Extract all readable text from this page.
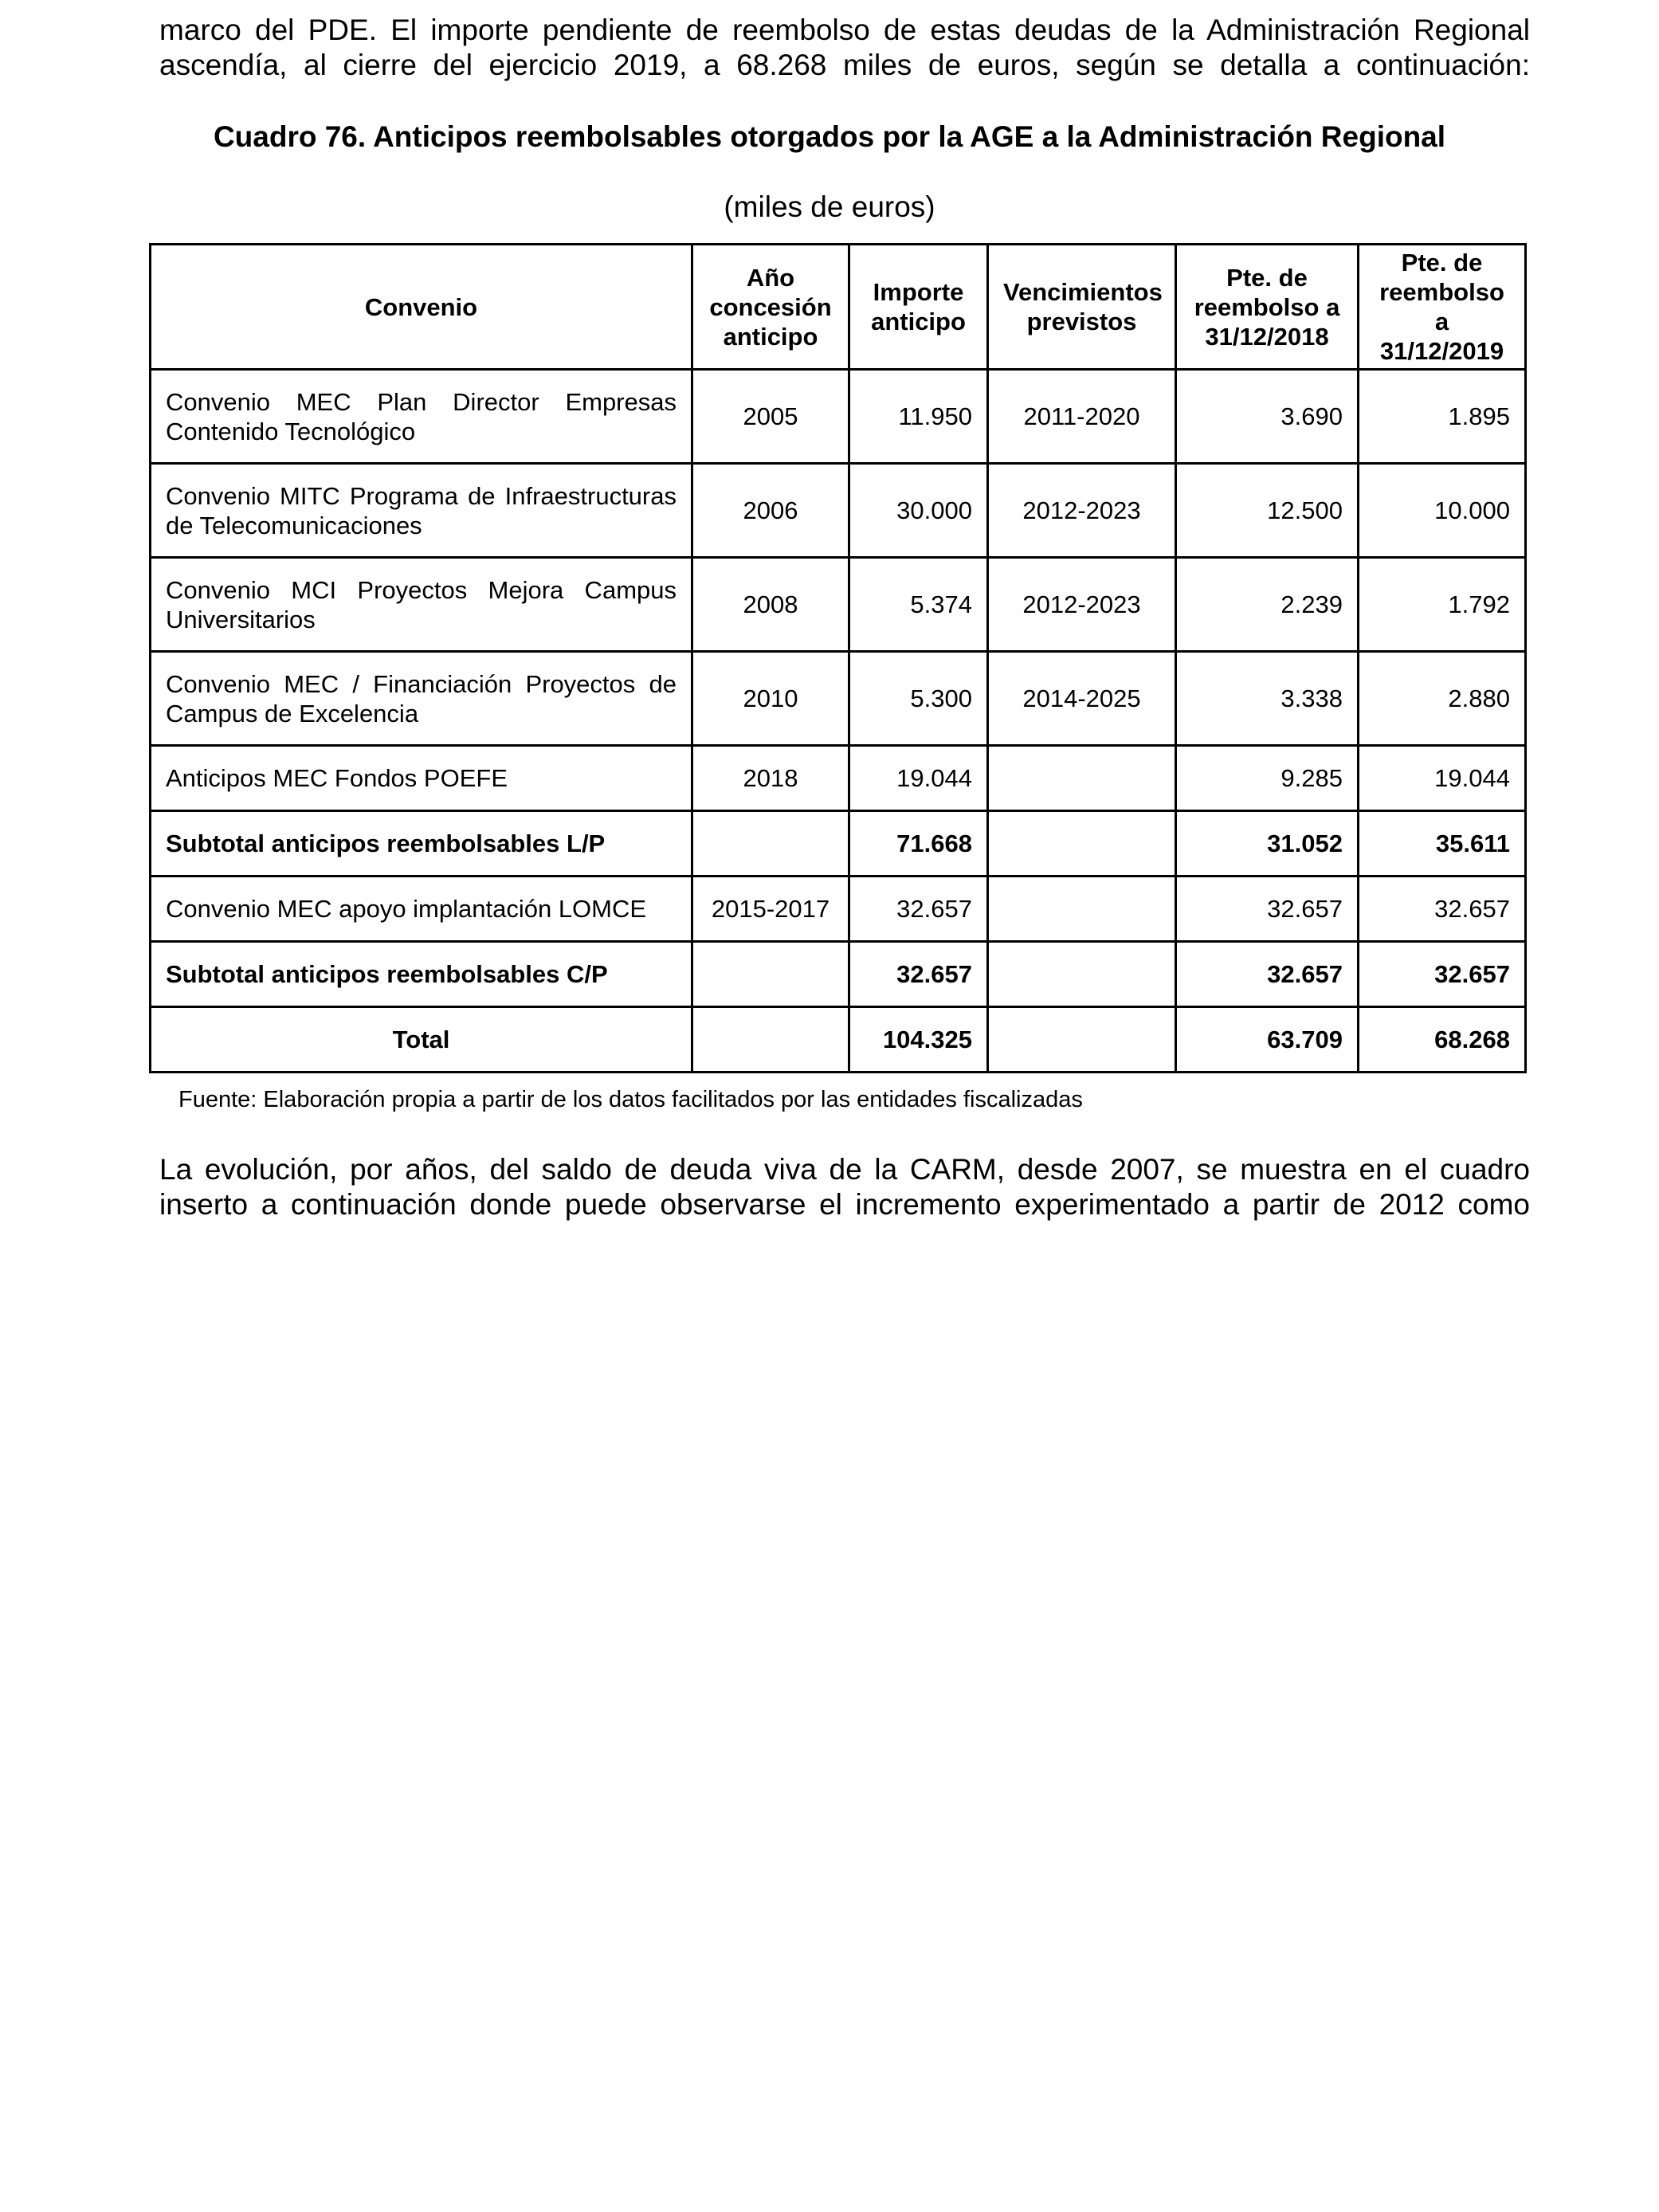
marco del PDE. El importe pendiente de reembolso de estas deudas de la Administración Regional
ascendía, al cierre del ejercicio 2019, a 68.268 miles de euros, según se detalla a continuación:

Cuadro 76. Anticipos reembolsables otorgados por la AGE a la Administración Regional

(miles de euros)

Convenio	Año concesión anticipo	Importe anticipo	Vencimientos previstos	Pte. de reembolso a 31/12/2018	Pte. de reembolso a 31/12/2019
Convenio MEC Plan Director Empresas Contenido Tecnológico	2005	11.950	2011-2020	3.690	1.895
Convenio MITC Programa de Infraestructuras de Telecomunicaciones	2006	30.000	2012-2023	12.500	10.000
Convenio MCI Proyectos Mejora Campus Universitarios	2008	5.374	2012-2023	2.239	1.792
Convenio MEC / Financiación Proyectos de Campus de Excelencia	2010	5.300	2014-2025	3.338	2.880
Anticipos MEC Fondos POEFE	2018	19.044		9.285	19.044
Subtotal anticipos reembolsables L/P		71.668		31.052	35.611
Convenio MEC apoyo implantación LOMCE	2015-2017	32.657		32.657	32.657
Subtotal anticipos reembolsables C/P		32.657		32.657	32.657
Total		104.325		63.709	68.268

Fuente: Elaboración propia a partir de los datos facilitados por las entidades fiscalizadas

La evolución, por años, del saldo de deuda viva de la CARM, desde 2007, se muestra en el cuadro
inserto a continuación donde puede observarse el incremento experimentado a partir de 2012 como
